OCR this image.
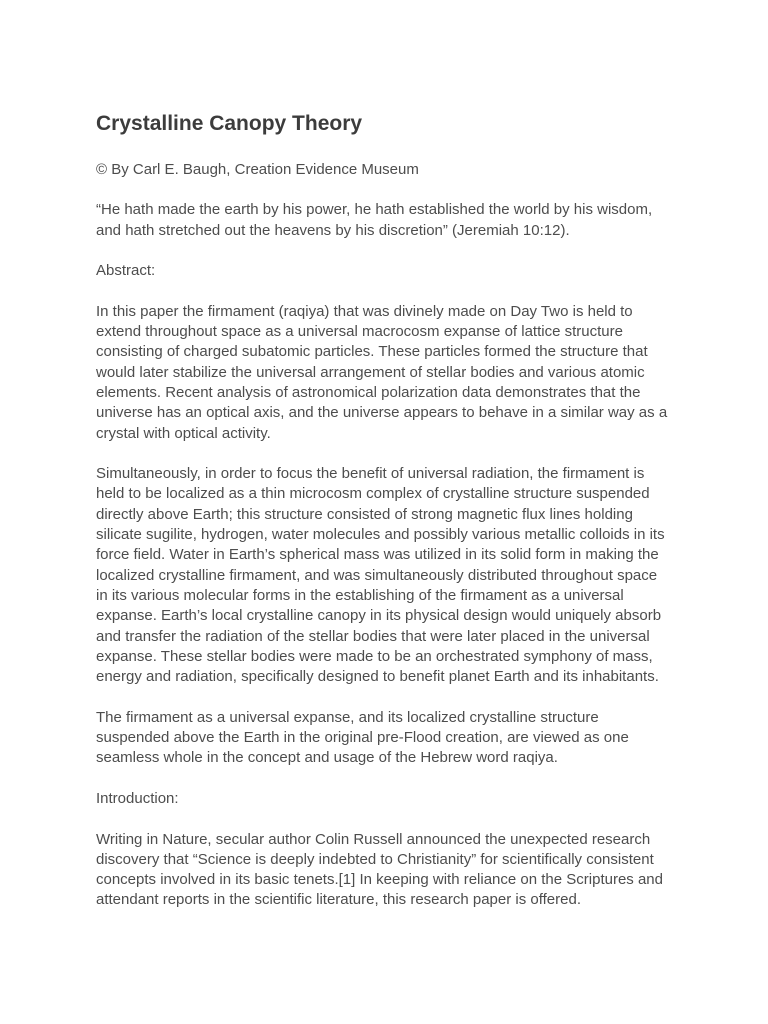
Crystalline Canopy Theory

© By Carl E. Baugh, Creation Evidence Museum

“He hath made the earth by his power, he hath established the world by his wisdom, and hath stretched out the heavens by his discretion” (Jeremiah 10:12).

Abstract:

In this paper the firmament (raqiya) that was divinely made on Day Two is held to extend throughout space as a universal macrocosm expanse of lattice structure consisting of charged subatomic particles. These particles formed the structure that would later stabilize the universal arrangement of stellar bodies and various atomic elements. Recent analysis of astronomical polarization data demonstrates that the universe has an optical axis, and the universe appears to behave in a similar way as a crystal with optical activity.

Simultaneously, in order to focus the benefit of universal radiation, the firmament is held to be localized as a thin microcosm complex of crystalline structure suspended directly above Earth; this structure consisted of strong magnetic flux lines holding silicate sugilite, hydrogen, water molecules and possibly various metallic colloids in its force field. Water in Earth’s spherical mass was utilized in its solid form in making the localized crystalline firmament, and was simultaneously distributed throughout space in its various molecular forms in the establishing of the firmament as a universal expanse. Earth’s local crystalline canopy in its physical design would uniquely absorb and transfer the radiation of the stellar bodies that were later placed in the universal expanse. These stellar bodies were made to be an orchestrated symphony of mass, energy and radiation, specifically designed to benefit planet Earth and its inhabitants.

The firmament as a universal expanse, and its localized crystalline structure suspended above the Earth in the original pre-Flood creation, are viewed as one seamless whole in the concept and usage of the Hebrew word raqiya.

Introduction:

Writing in Nature, secular author Colin Russell announced the unexpected research discovery that “Science is deeply indebted to Christianity” for scientifically consistent concepts involved in its basic tenets.[1] In keeping with reliance on the Scriptures and attendant reports in the scientific literature, this research paper is offered.
